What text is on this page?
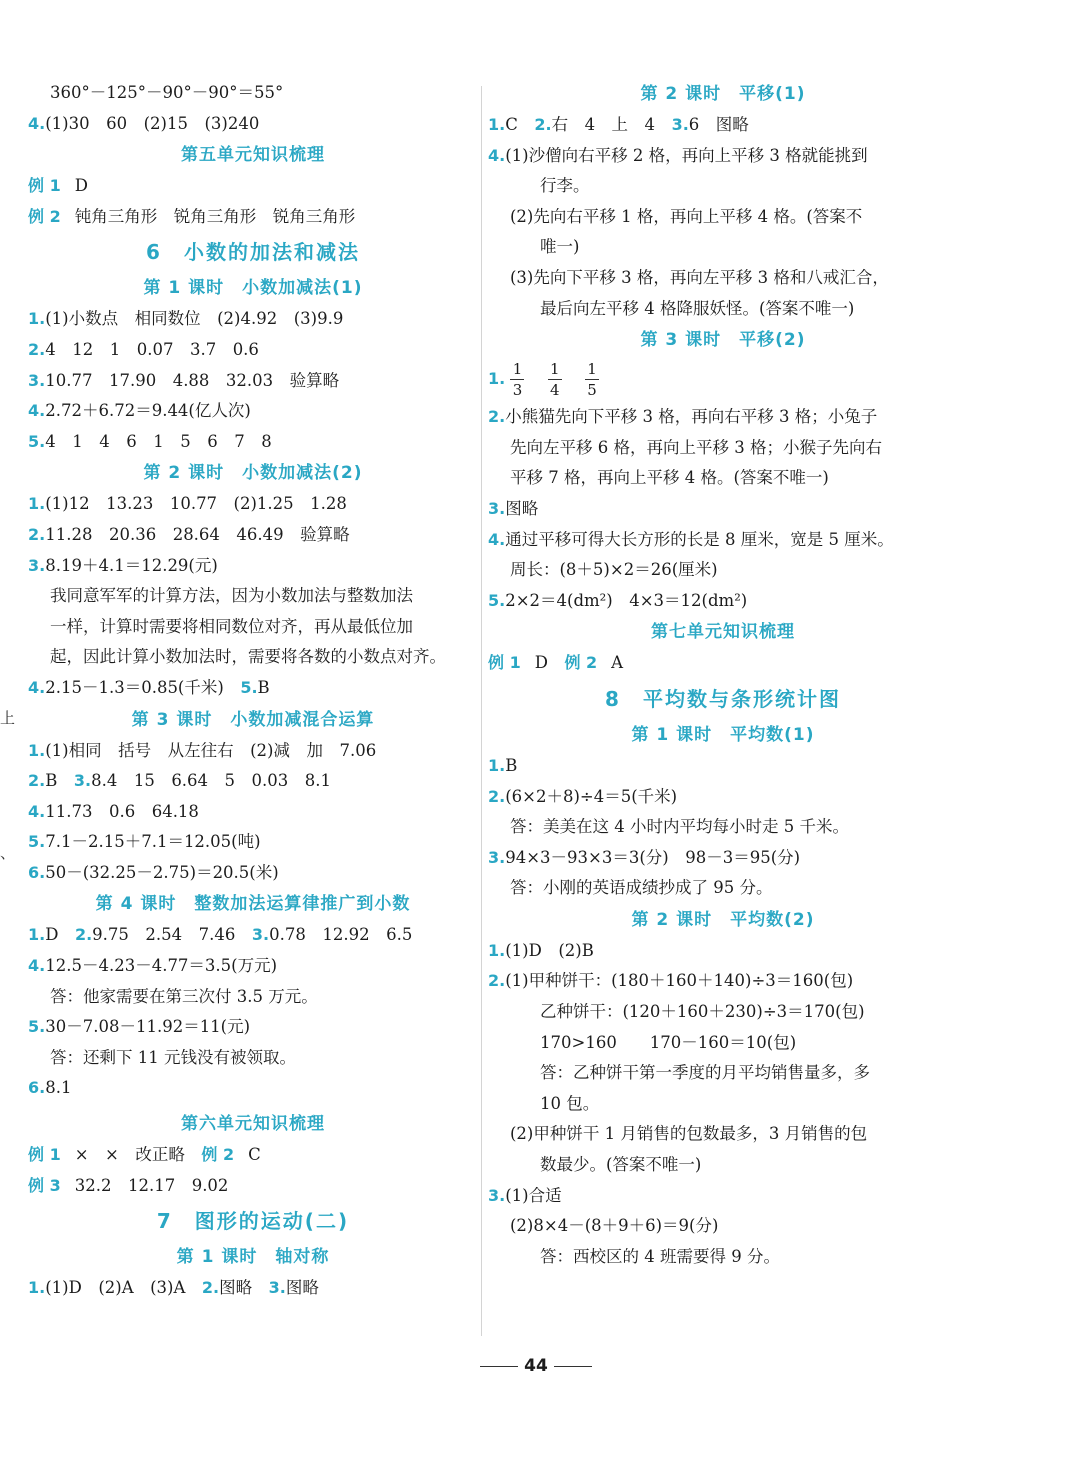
上
、
360°－125°－90°－90°＝55°
4.(1)30　60　(2)15　(3)240
第五单元知识梳理
例 1 D
例 2 钝角三角形　锐角三角形　锐角三角形
6　小数的加法和减法
第 1 课时　小数加减法(1)
1.(1)小数点　相同数位　(2)4.92　(3)9.9
2.4　12　1　0.07　3.7　0.6
3.10.77　17.90　4.88　32.03　验算略
4.2.72＋6.72＝9.44(亿人次)
5.4　1　4　6　1　5　6　7　8
第 2 课时　小数加减法(2)
1.(1)12　13.23　10.77　(2)1.25　1.28
2.11.28　20.36　28.64　46.49　验算略
3.8.19＋4.1＝12.29(元)
我同意军军的计算方法，因为小数加法与整数加法
一样，计算时需要将相同数位对齐，再从最低位加
起，因此计算小数加法时，需要将各数的小数点对齐。
4.2.15－1.3＝0.85(千米)　5.B
第 3 课时　小数加减混合运算
1.(1)相同　括号　从左往右　(2)减　加　7.06
2.B　3.8.4　15　6.64　5　0.03　8.1
4.11.73　0.6　64.18
5.7.1－2.15＋7.1＝12.05(吨)
6.50－(32.25－2.75)＝20.5(米)
第 4 课时　整数加法运算律推广到小数
1.D　2.9.75　2.54　7.46　3.0.78　12.92　6.5
4.12.5－4.23－4.77＝3.5(万元)
答：他家需要在第三次付 3.5 万元。
5.30－7.08－11.92＝11(元)
答：还剩下 11 元钱没有被领取。
6.8.1
第六单元知识梳理
例 1 ×　×　改正略　例 2 C
例 3 32.2　12.17　9.02
7　图形的运动(二)
第 1 课时　轴对称
1.(1)D　(2)A　(3)A　2.图略　3.图略
第 2 课时　平移(1)
1.C　2.右　4　上　4　3.6　图略
4.(1)沙僧向右平移 2 格，再向上平移 3 格就能挑到
行李。
(2)先向右平移 1 格，再向上平移 4 格。(答案不
唯一)
(3)先向下平移 3 格，再向左平移 3 格和八戒汇合，
最后向左平移 4 格降服妖怪。(答案不唯一)
第 3 课时　平移(2)
1. $\frac{1}{3}$
$\frac{1}{4}$
$\frac{1}{5}$
2.小熊猫先向下平移 3 格，再向右平移 3 格；小兔子
先向左平移 6 格，再向上平移 3 格；小猴子先向右
平移 7 格，再向上平移 4 格。(答案不唯一)
3.图略
4.通过平移可得大长方形的长是 8 厘米，宽是 5 厘米。
周长：(8＋5)×2＝26(厘米)
5.2×2＝4(dm²)　4×3＝12(dm²)
第七单元知识梳理
例 1 D　例 2 A
8　平均数与条形统计图
第 1 课时　平均数(1)
1.B
2.(6×2＋8)÷4＝5(千米)
答：美美在这 4 小时内平均每小时走 5 千米。
3.94×3－93×3＝3(分)　98－3＝95(分)
答：小刚的英语成绩抄成了 95 分。
第 2 课时　平均数(2)
1.(1)D　(2)B
2.(1)甲种饼干：(180＋160＋140)÷3＝160(包)
乙种饼干：(120＋160＋230)÷3＝170(包)
170>160　　170－160＝10(包)
答：乙种饼干第一季度的月平均销售量多，多
10 包。
(2)甲种饼干 1 月销售的包数最多，3 月销售的包
数最少。(答案不唯一)
3.(1)合适
(2)8×4－(8＋9＋6)＝9(分)
答：西校区的 4 班需要得 9 分。
44
